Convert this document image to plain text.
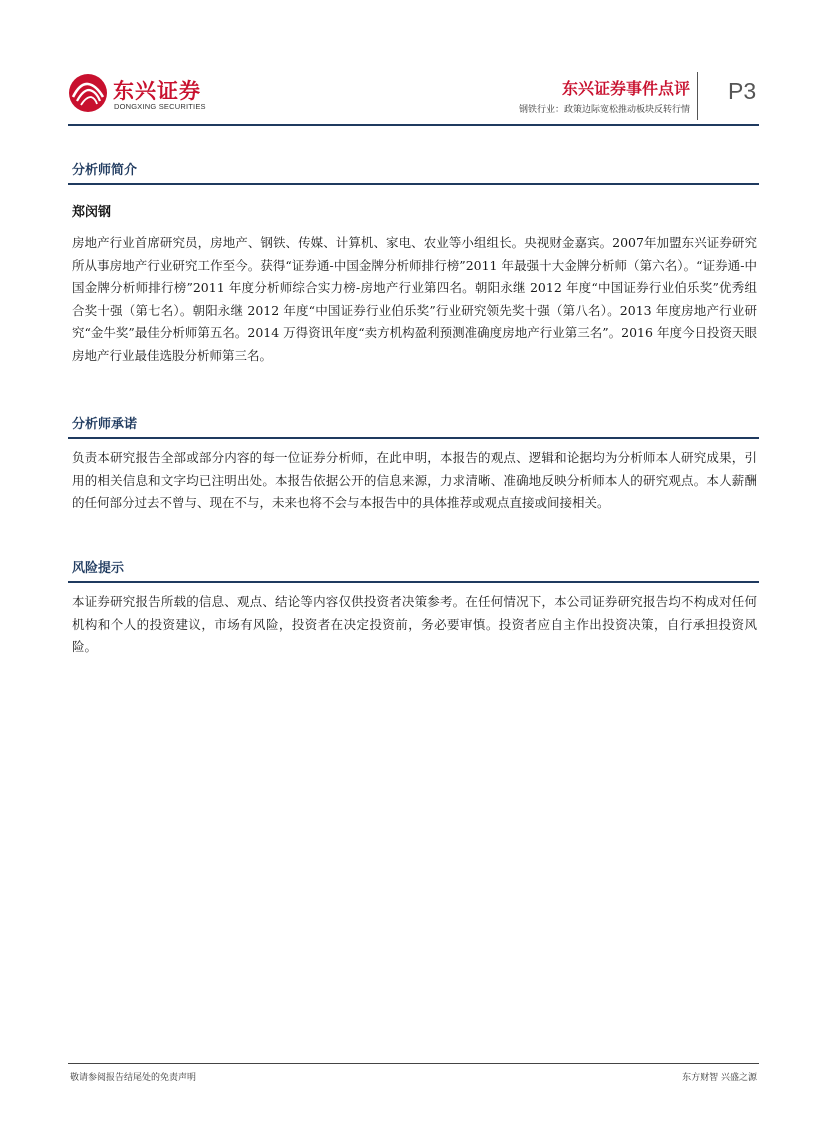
东兴证券
DONGXING SECURITIES
东兴证券事件点评
钢铁行业：政策边际宽松推动板块反转行情
P3
分析师简介
郑闵钢
房地产行业首席研究员，房地产、钢铁、传媒、计算机、家电、农业等小组组长。央视财金嘉宾。2007年加盟东兴证券研究所从事房地产行业研究工作至今。获得“证券通-中国金牌分析师排行榜”2011 年最强十大金牌分析师（第六名）。“证券通-中国金牌分析师排行榜”2011 年度分析师综合实力榜-房地产行业第四名。朝阳永继 2012 年度“中国证券行业伯乐奖”优秀组合奖十强（第七名）。朝阳永继 2012 年度“中国证券行业伯乐奖”行业研究领先奖十强（第八名）。2013 年度房地产行业研究“金牛奖”最佳分析师第五名。2014 万得资讯年度“卖方机构盈利预测准确度房地产行业第三名”。2016 年度今日投资天眼房地产行业最佳选股分析师第三名。
分析师承诺
负责本研究报告全部或部分内容的每一位证券分析师，在此申明，本报告的观点、逻辑和论据均为分析师本人研究成果，引用的相关信息和文字均已注明出处。本报告依据公开的信息来源，力求清晰、准确地反映分析师本人的研究观点。本人薪酬的任何部分过去不曾与、现在不与，未来也将不会与本报告中的具体推荐或观点直接或间接相关。
风险提示
本证券研究报告所载的信息、观点、结论等内容仅供投资者决策参考。在任何情况下，本公司证券研究报告均不构成对任何机构和个人的投资建议，市场有风险，投资者在决定投资前，务必要审慎。投资者应自主作出投资决策，自行承担投资风险。
敬请参阅报告结尾处的免责声明	东方财智 兴盛之源
